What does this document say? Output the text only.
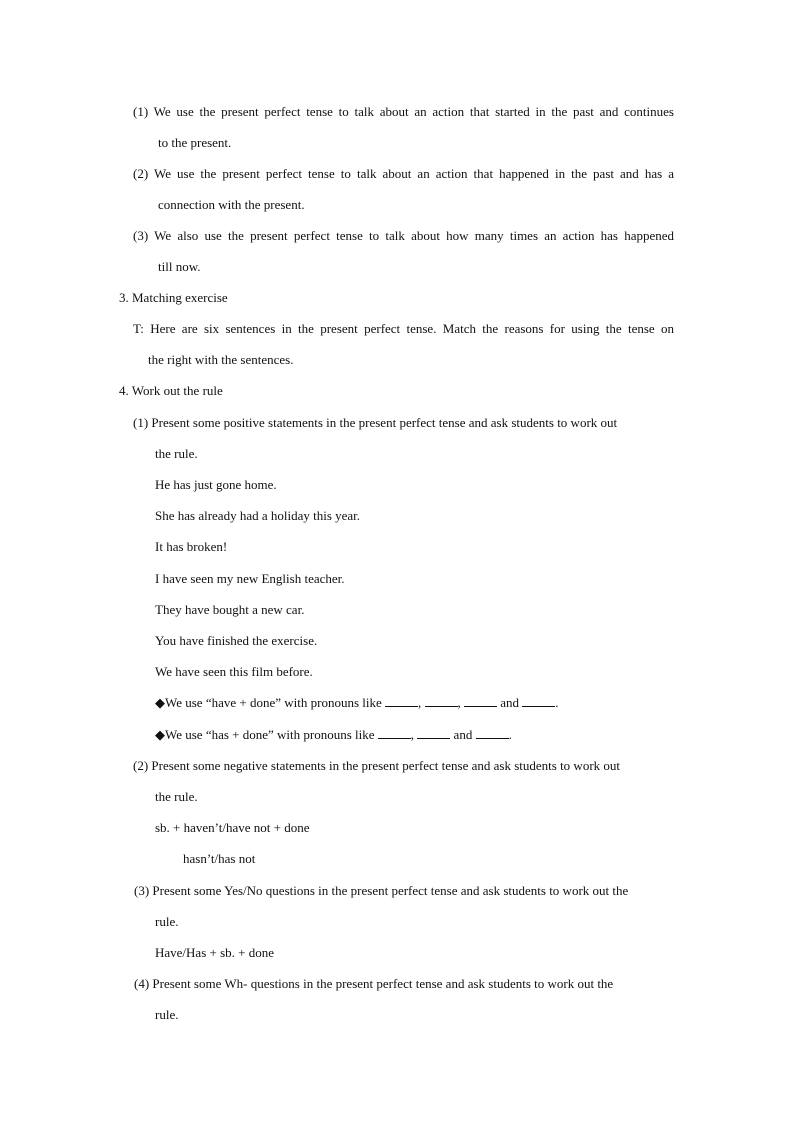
(1) We use the present perfect tense to talk about an action that started in the past and continues
to the present.
(2) We use the present perfect tense to talk about an action that happened in the past and has a
connection with the present.
(3) We also use the present perfect tense to talk about how many times an action has happened
till now.
3. Matching exercise
T: Here are six sentences in the present perfect tense. Match the reasons for using the tense on
the right with the sentences.
4. Work out the rule
(1) Present some positive statements in the present perfect tense and ask students to work out
the rule.
He has just gone home.
She has already had a holiday this year.
It has broken!
I have seen my new English teacher.
They have bought a new car.
You have finished the exercise.
We have seen this film before.
◆We use “have + done” with pronouns like	,	,	and	.
◆We use “has + done” with pronouns like	,	and	.
(2) Present some negative statements in the present perfect tense and ask students to work out
the rule.
sb. + haven’t/have not + done
hasn’t/has not
(3) Present some Yes/No questions in the present perfect tense and ask students to work out the
rule.
Have/Has + sb. + done
(4) Present some Wh- questions in the present perfect tense and ask students to work out the
rule.
